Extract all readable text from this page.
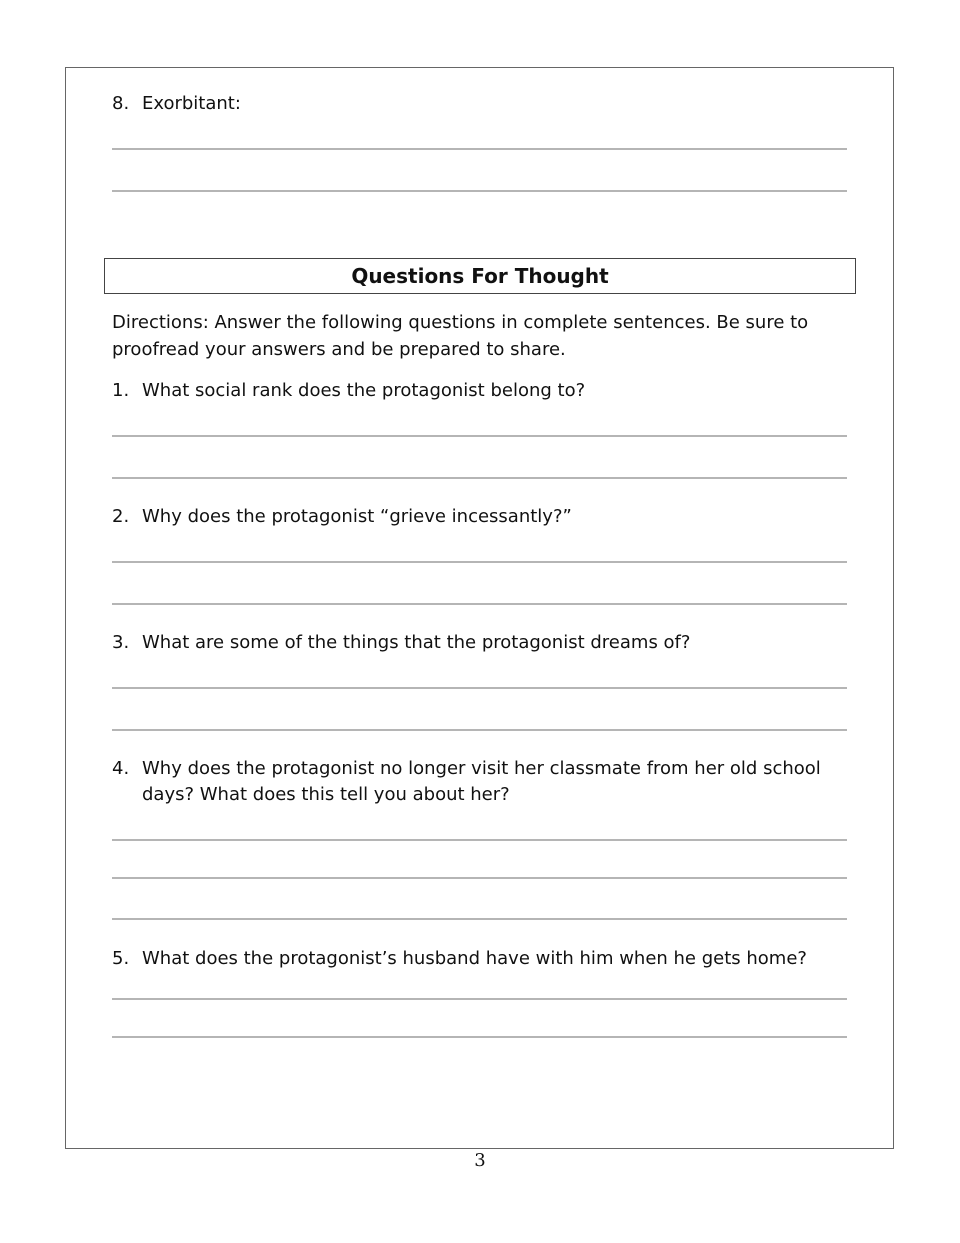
8. Exorbitant:
Questions For Thought
Directions: Answer the following questions in complete sentences. Be sure to
proofread your answers and be prepared to share.
1. What social rank does the protagonist belong to?
2. Why does the protagonist “grieve incessantly?”
3. What are some of the things that the protagonist dreams of?
4. Why does the protagonist no longer visit her classmate from her old school
days? What does this tell you about her?
5. What does the protagonist’s husband have with him when he gets home?
3
